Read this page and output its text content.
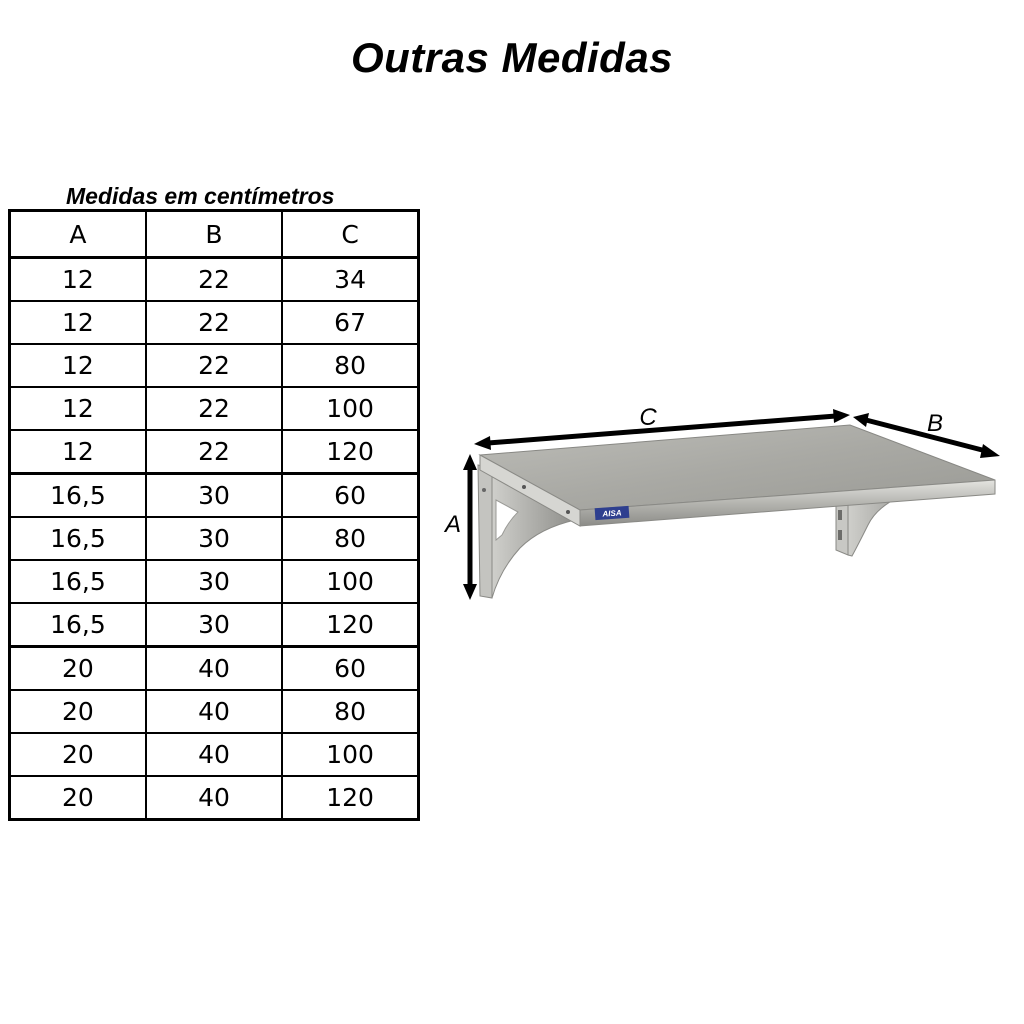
Outras Medidas
Medidas em centímetros
A	B	C
12	22	34
12	22	67
12	22	80
12	22	100
12	22	120
16,5	30	60
16,5	30	80
16,5	30	100
16,5	30	120
20	40	60
20	40	80
20	40	100
20	40	120
AISA
C	B
A
